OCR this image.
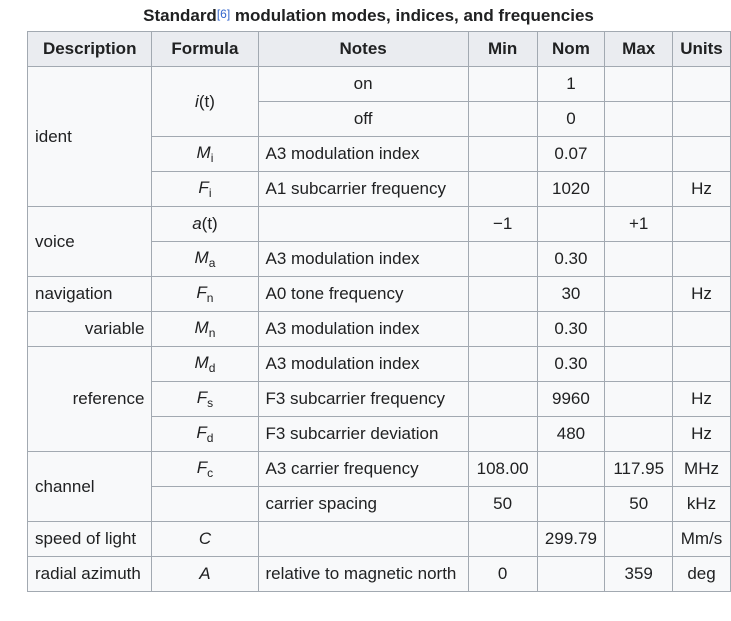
Standard[6] modulation modes, indices, and frequencies
Description	Formula	Notes	Min	Nom	Max	Units
ident	i(t)	on		1		
		off		0		
	$M_i$	A3 modulation index		0.07		
	$F_i$	A1 subcarrier frequency		1020		Hz
voice	a(t)		−1		+1	
	$M_a$	A3 modulation index		0.30		
navigation	$F_n$	A0 tone frequency		30		Hz
variable	$M_n$	A3 modulation index		0.30		
reference	$M_d$	A3 modulation index		0.30		
	$F_s$	F3 subcarrier frequency		9960		Hz
	$F_d$	F3 subcarrier deviation		480		Hz
channel	$F_c$	A3 carrier frequency	108.00		117.95	MHz
		carrier spacing	50		50	kHz
speed of light	C			299.79		Mm/s
radial azimuth	A	relative to magnetic north	0		359	deg
